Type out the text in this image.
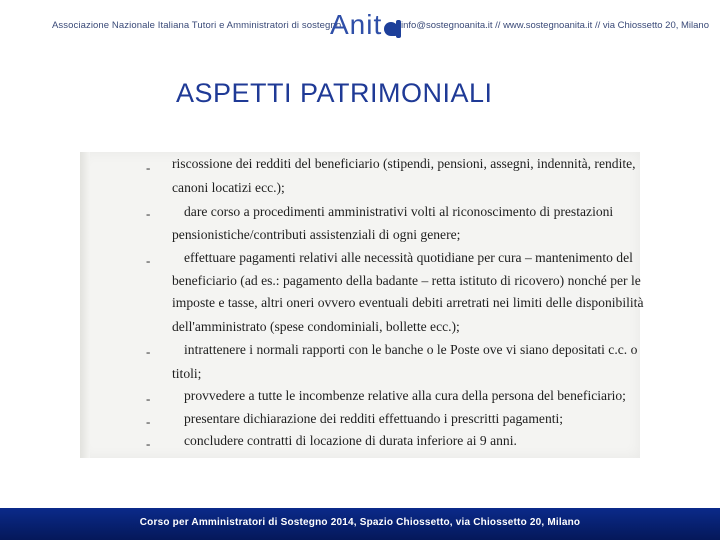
Associazione Nazionale Italiana Tutori e Amministratori di sostegno
Anit info@sostegnoanita.it // www.sostegnoanita.it // via Chiossetto 20, Milano
ASPETTI PATRIMONIALI
-
-
-
-
-
-
-
riscossione dei redditi del beneficiario (stipendi, pensioni, assegni, indennità, rendite,
canoni locatizi ecc.);
dare corso a procedimenti amministrativi volti al riconoscimento di prestazioni
pensionistiche/contributi assistenziali di ogni genere;
effettuare pagamenti relativi alle necessità quotidiane per cura – mantenimento del
beneficiario (ad es.: pagamento della badante – retta istituto di ricovero) nonché per le
imposte e tasse, altri oneri ovvero eventuali debiti arretrati nei limiti delle disponibilità
dell'amministrato (spese condominiali, bollette ecc.);
intrattenere i normali rapporti con le banche o le Poste ove vi siano depositati c.c. o
titoli;
provvedere a tutte le incombenze relative alla cura della persona del beneficiario;
presentare dichiarazione dei redditi effettuando i prescritti pagamenti;
concludere contratti di locazione di durata inferiore ai 9 anni.
Corso per Amministratori di Sostegno 2014, Spazio Chiossetto, via Chiossetto 20, Milano
